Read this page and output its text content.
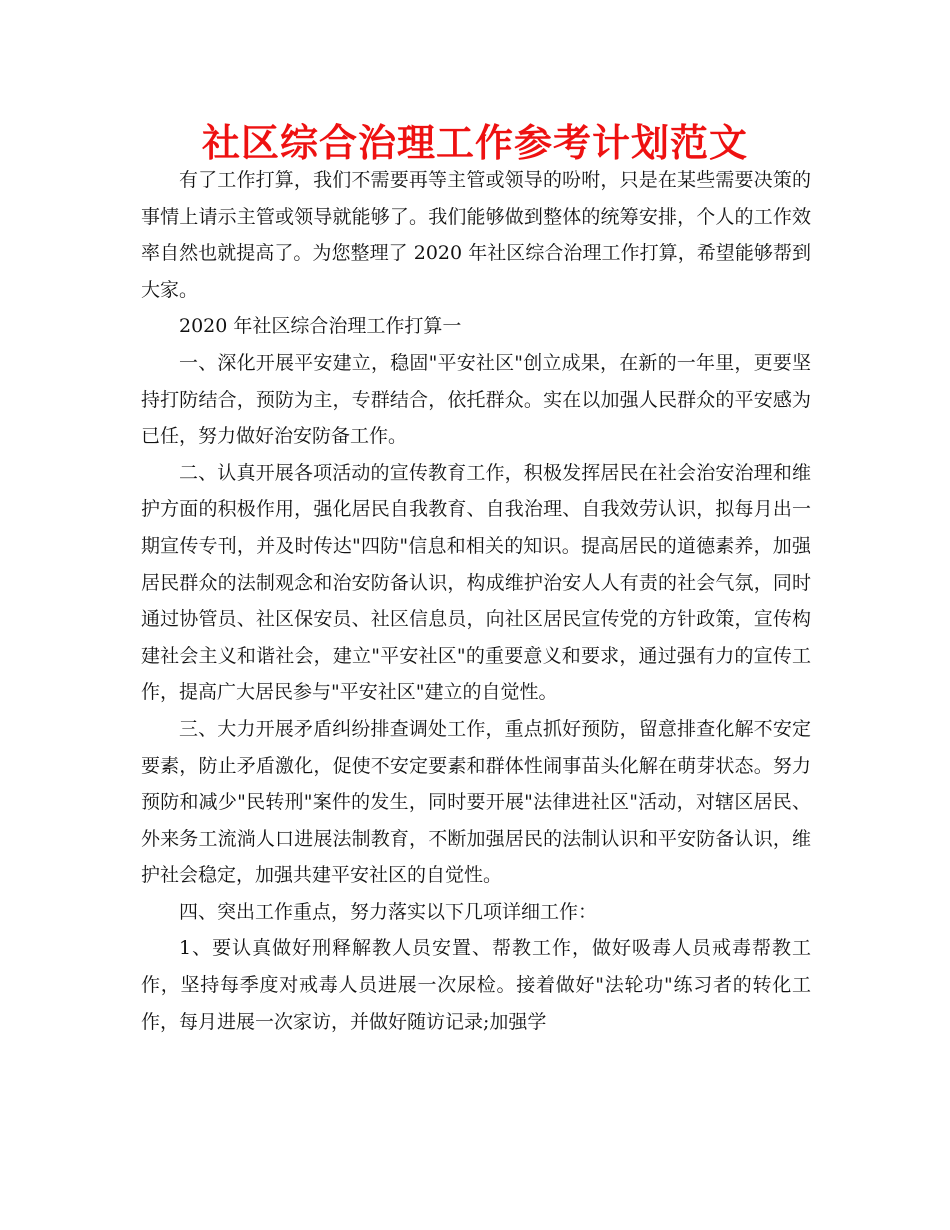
社区综合治理工作参考计划范文

有了工作打算，我们不需要再等主管或领导的吩咐，只是在某些需要决策的事情上请示主管或领导就能够了。我们能够做到整体的统筹安排，个人的工作效率自然也就提高了。为您整理了 2020 年社区综合治理工作打算，希望能够帮到大家。

2020 年社区综合治理工作打算一

一、深化开展平安建立，稳固"平安社区"创立成果，在新的一年里，更要坚持打防结合，预防为主，专群结合，依托群众。实在以加强人民群众的平安感为已任，努力做好治安防备工作。

二、认真开展各项活动的宣传教育工作，积极发挥居民在社会治安治理和维护方面的积极作用，强化居民自我教育、自我治理、自我效劳认识，拟每月出一期宣传专刊，并及时传达"四防"信息和相关的知识。提高居民的道德素养，加强居民群众的法制观念和治安防备认识，构成维护治安人人有责的社会气氛，同时通过协管员、社区保安员、社区信息员，向社区居民宣传党的方针政策，宣传构建社会主义和谐社会，建立"平安社区"的重要意义和要求，通过强有力的宣传工作，提高广大居民参与"平安社区"建立的自觉性。

三、大力开展矛盾纠纷排查调处工作，重点抓好预防，留意排查化解不安定要素，防止矛盾激化，促使不安定要素和群体性闹事苗头化解在萌芽状态。努力预防和减少"民转刑"案件的发生，同时要开展"法律进社区"活动，对辖区居民、外来务工流淌人口进展法制教育，不断加强居民的法制认识和平安防备认识，维护社会稳定，加强共建平安社区的自觉性。

四、突出工作重点，努力落实以下几项详细工作：

1、要认真做好刑释解教人员安置、帮教工作，做好吸毒人员戒毒帮教工作，坚持每季度对戒毒人员进展一次尿检。接着做好"法轮功"练习者的转化工作，每月进展一次家访，并做好随访记录;加强学
